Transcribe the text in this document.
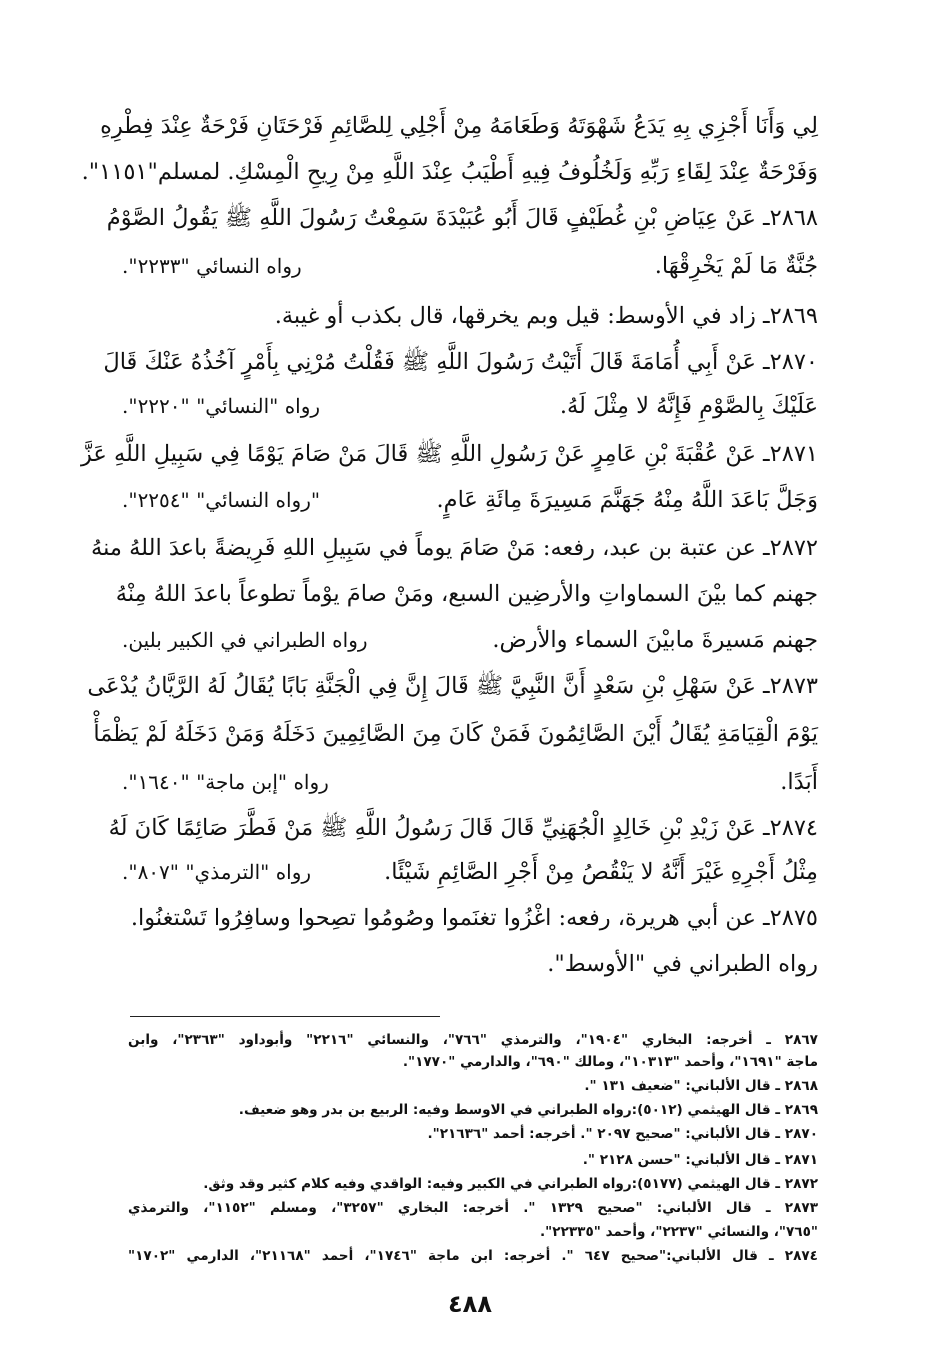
لِي وَأَنَا أَجْزِي بِهِ يَدَعُ شَهْوَتَهُ وَطَعَامَهُ مِنْ أَجْلِي لِلصَّائِمِ فَرْحَتَانِ فَرْحَةٌ عِنْدَ فِطْرِهِ
وَفَرْحَةٌ عِنْدَ لِقَاءِ رَبِّهِ وَلَخُلُوفُ فِيهِ أَطْيَبُ عِنْدَ اللَّهِ مِنْ رِيحِ الْمِسْكِ. لمسلم"١١٥١".
٢٨٦٨ـ عَنْ عِيَاضِ بْنِ غُطَيْفٍ قَالَ أَبُو عُبَيْدَةَ سَمِعْتُ رَسُولَ اللَّهِ ﷺ يَقُولُ الصَّوْمُ
جُنَّةٌ مَا لَمْ يَخْرِقْهَا.
رواه النسائي "٢٢٣٣".
٢٨٦٩ـ زاد في الأوسط: قيل وبم يخرقها، قال بكذب أو غيبة.
٢٨٧٠ـ عَنْ أَبِي أُمَامَةَ قَالَ أَتَيْتُ رَسُولَ اللَّهِ ﷺ فَقُلْتُ مُرْنِي بِأَمْرٍ آخُذُهُ عَنْكَ قَالَ
عَلَيْكَ بِالصَّوْمِ فَإِنَّهُ لا مِثْلَ لَهُ.
رواه "النسائي" "٢٢٢٠".
٢٨٧١ـ عَنْ عُقْبَةَ بْنِ عَامِرٍ عَنْ رَسُولِ اللَّهِ ﷺ قَالَ مَنْ صَامَ يَوْمًا فِي سَبِيلِ اللَّهِ عَزَّ
وَجَلَّ بَاعَدَ اللَّهُ مِنْهُ جَهَنَّمَ مَسِيرَةَ مِائَةِ عَامٍ.
"رواه النسائي" "٢٢٥٤".
٢٨٧٢ـ عن عتبة بن عبد، رفعه: مَنْ صَامَ يوماً في سَبِيلِ اللهِ فَرِيضةً باعدَ اللهُ منهُ
جهنم كما بيْنَ السماواتِ والأرضِين السبع، ومَنْ صامَ يوْماً تطوعاً باعدَ اللهُ مِنْهُ
جهنم مَسيرةَ مابيْنَ السماء والأرض.
رواه الطبراني في الكبير بلين.
٢٨٧٣ـ عَنْ سَهْلِ بْنِ سَعْدٍ أَنَّ النَّبِيَّ ﷺ قَالَ إِنَّ فِي الْجَنَّةِ بَابًا يُقَالُ لَهُ الرَّيَّانُ يُدْعَى
يَوْمَ الْقِيَامَةِ يُقَالُ أَيْنَ الصَّائِمُونَ فَمَنْ كَانَ مِنَ الصَّائِمِينَ دَخَلَهُ وَمَنْ دَخَلَهُ لَمْ يَظْمَأْ
أَبَدًا.
رواه "إبن ماجة" "١٦٤٠".
٢٨٧٤ـ عَنْ زَيْدِ بْنِ خَالِدٍ الْجُهَنِيِّ قَالَ قَالَ رَسُولُ اللَّهِ ﷺ مَنْ فَطَّرَ صَائِمًا كَانَ لَهُ
مِثْلُ أَجْرِهِ غَيْرَ أَنَّهُ لا يَنْقُصُ مِنْ أَجْرِ الصَّائِمِ شَيْئًا.
رواه "الترمذي" "٨٠٧".
٢٨٧٥ـ عن أبي هريرة، رفعه: اغْزُوا تغنَموا وصُومُوا تصِحوا وسافِرُوا تَسْتغنُوا.
رواه الطبراني في "الأوسط".
٢٨٦٧ ـ أخرجه: البخاري "١٩٠٤"، والترمذي "٧٦٦"، والنسائي "٢٢١٦" وأبوداود "٢٣٦٣"، وابن
ماجة "١٦٩١"، وأحمد "١٠٣١٣"، ومالك "٦٩٠"، والدارمي "١٧٧٠".
٢٨٦٨ ـ قال الألباني: "ضعيف ١٣١ ".
٢٨٦٩ ـ قال الهيثمي (٥٠١٢):رواه الطبراني في الاوسط وفيه: الربيع بن بدر وهو ضعيف.
٢٨٧٠ ـ قال الألباني: "صحيح ٢٠٩٧ ". أخرجه: أحمد "٢١٦٣٦".
٢٨٧١ ـ قال الألباني: "حسن ٢١٢٨ ".
٢٨٧٢ ـ قال الهيثمي (٥١٧٧):رواه الطبراني في الكبير وفيه: الواقدي وفيه كلام كثير وقد وثق.
٢٨٧٣ ـ قال الألباني: "صحيح ١٣٢٩ ". أخرجه: البخاري "٣٢٥٧"، ومسلم "١١٥٢"، والترمذي
"٧٦٥"، والنسائي "٢٢٣٧"، وأحمد "٢٢٣٣٥".
٢٨٧٤ ـ قال الألباني:"صحيح ٦٤٧ ". أخرجه: ابن ماجة "١٧٤٦"، أحمد "٢١١٦٨"، الدارمي "١٧٠٢"
٤٨٨
